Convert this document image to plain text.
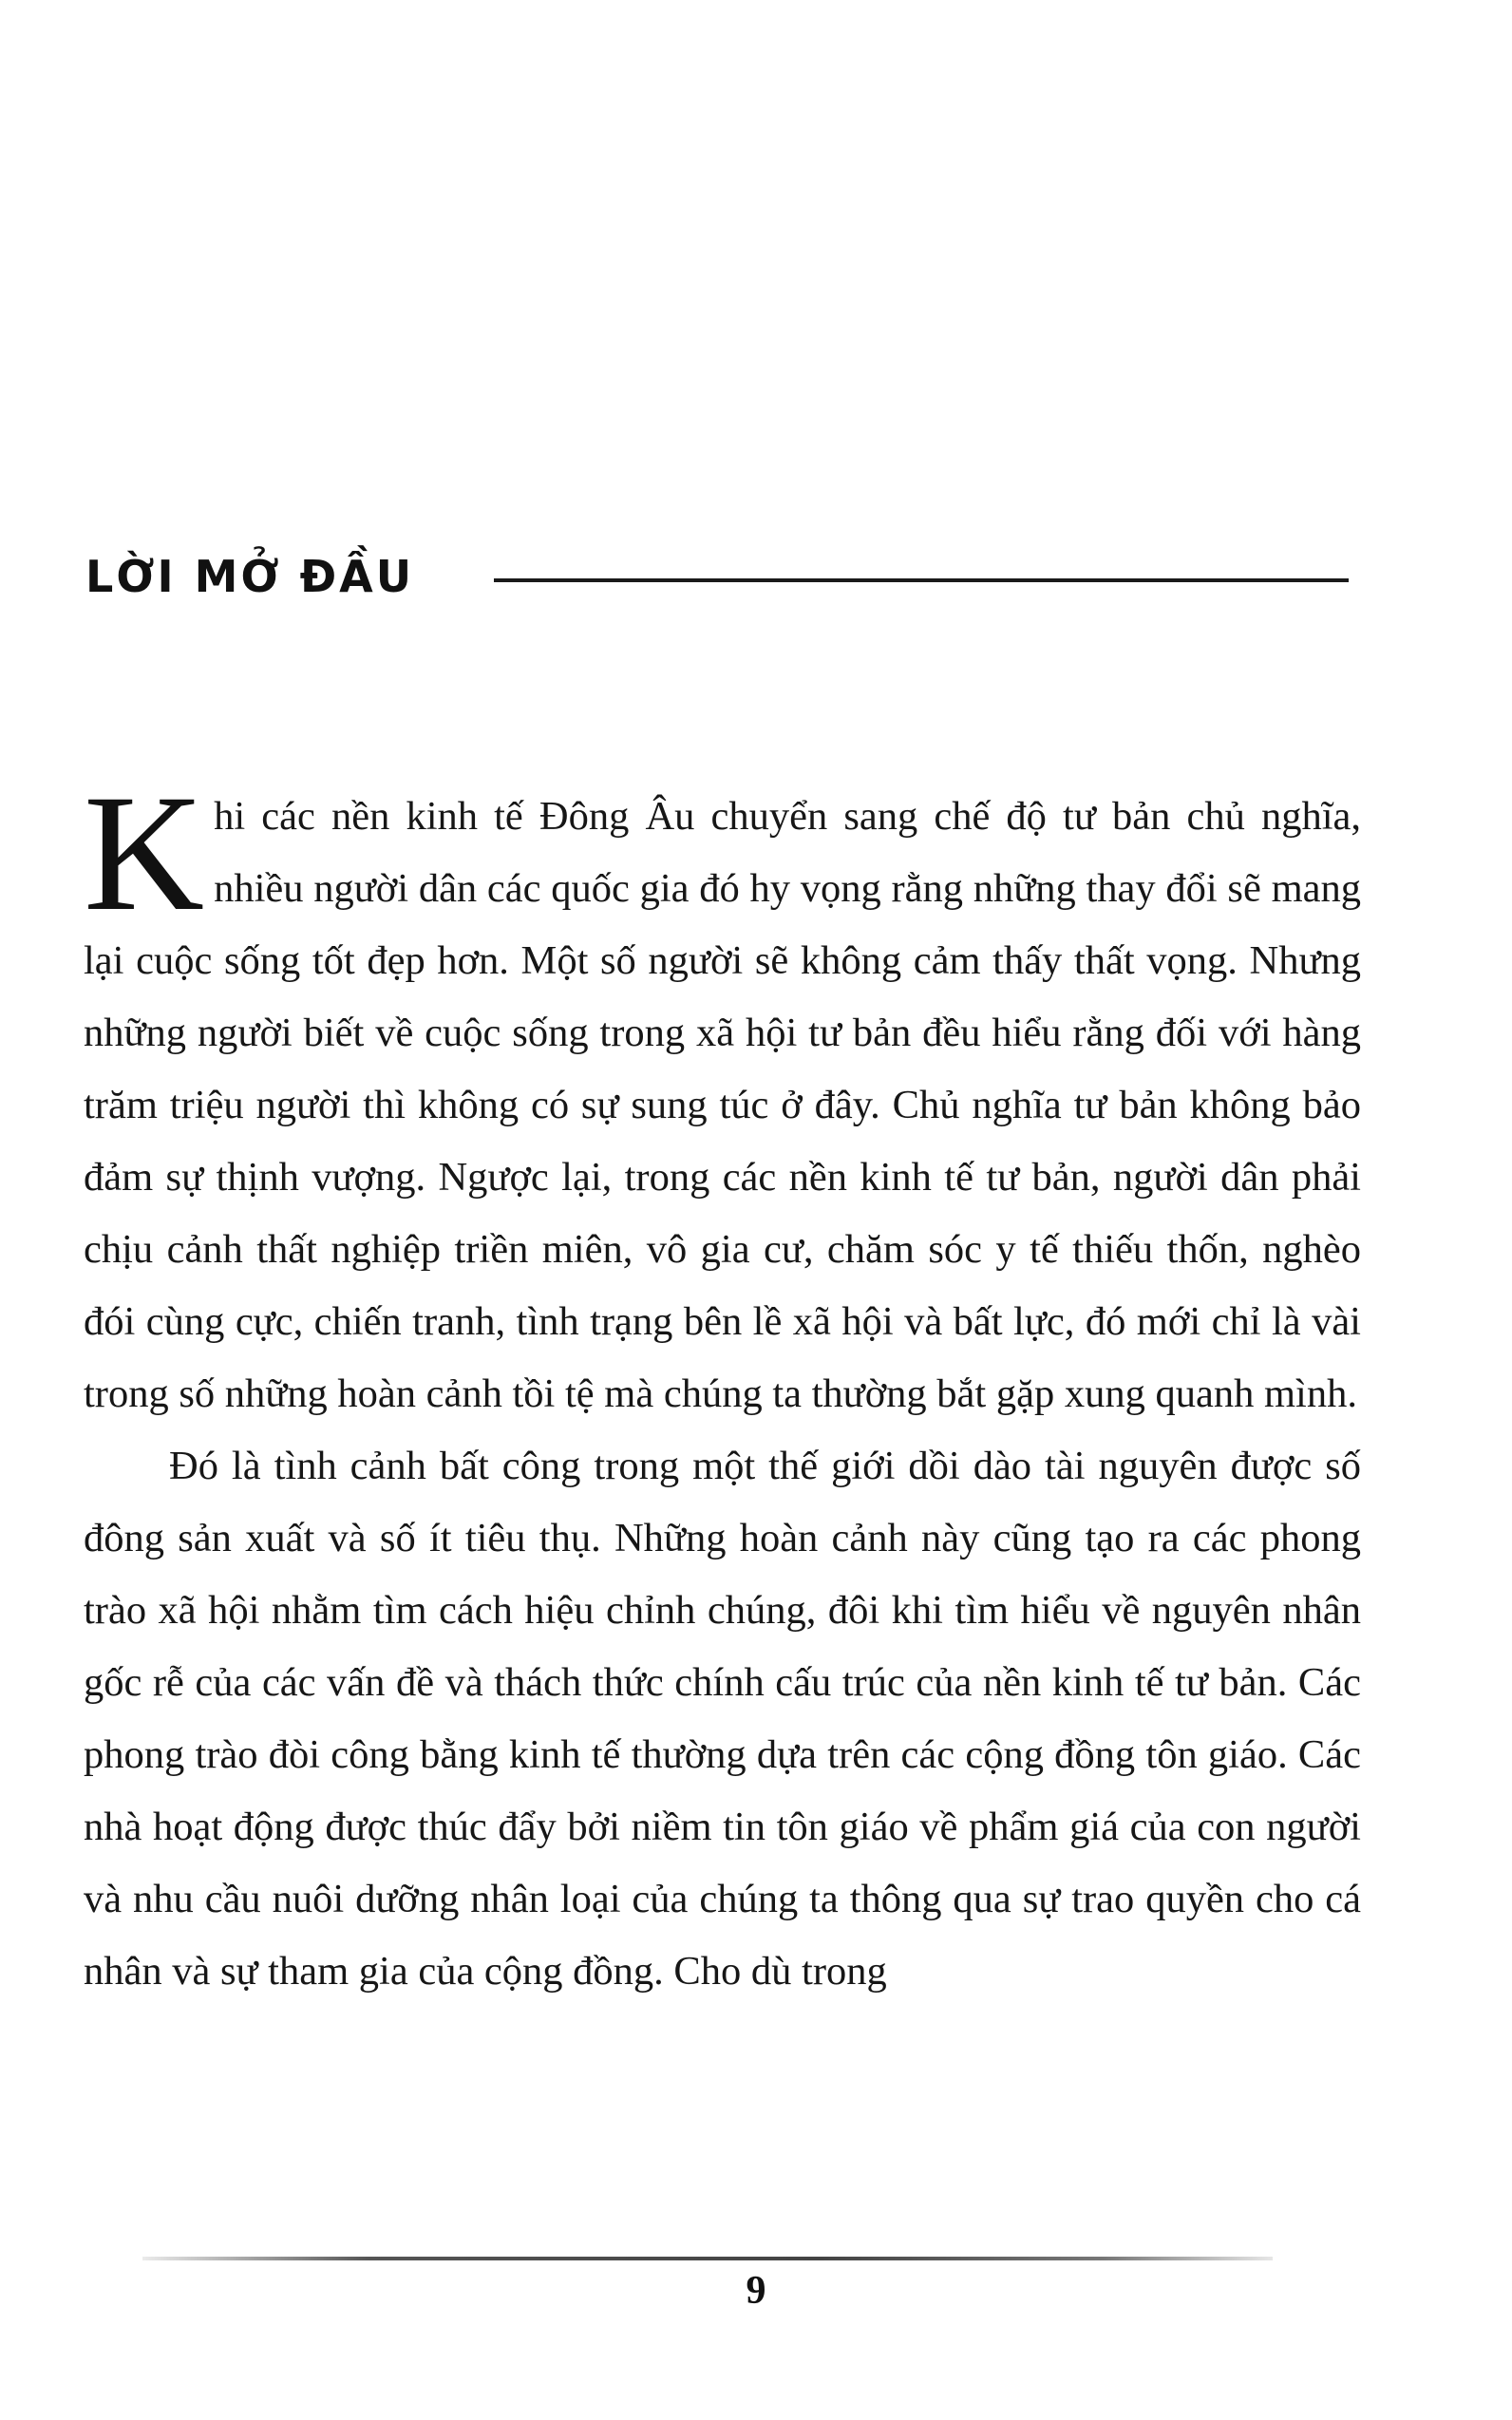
LỜI MỞ ĐẦU

Khi các nền kinh tế Đông Âu chuyển sang chế độ tư bản chủ nghĩa, nhiều người dân các quốc gia đó hy vọng rằng những thay đổi sẽ mang lại cuộc sống tốt đẹp hơn. Một số người sẽ không cảm thấy thất vọng. Nhưng những người biết về cuộc sống trong xã hội tư bản đều hiểu rằng đối với hàng trăm triệu người thì không có sự sung túc ở đây. Chủ nghĩa tư bản không bảo đảm sự thịnh vượng. Ngược lại, trong các nền kinh tế tư bản, người dân phải chịu cảnh thất nghiệp triền miên, vô gia cư, chăm sóc y tế thiếu thốn, nghèo đói cùng cực, chiến tranh, tình trạng bên lề xã hội và bất lực, đó mới chỉ là vài trong số những hoàn cảnh tồi tệ mà chúng ta thường bắt gặp xung quanh mình.

Đó là tình cảnh bất công trong một thế giới dồi dào tài nguyên được số đông sản xuất và số ít tiêu thụ. Những hoàn cảnh này cũng tạo ra các phong trào xã hội nhằm tìm cách hiệu chỉnh chúng, đôi khi tìm hiểu về nguyên nhân gốc rễ của các vấn đề và thách thức chính cấu trúc của nền kinh tế tư bản. Các phong trào đòi công bằng kinh tế thường dựa trên các cộng đồng tôn giáo. Các nhà hoạt động được thúc đẩy bởi niềm tin tôn giáo về phẩm giá của con người và nhu cầu nuôi dưỡng nhân loại của chúng ta thông qua sự trao quyền cho cá nhân và sự tham gia của cộng đồng. Cho dù trong

9
